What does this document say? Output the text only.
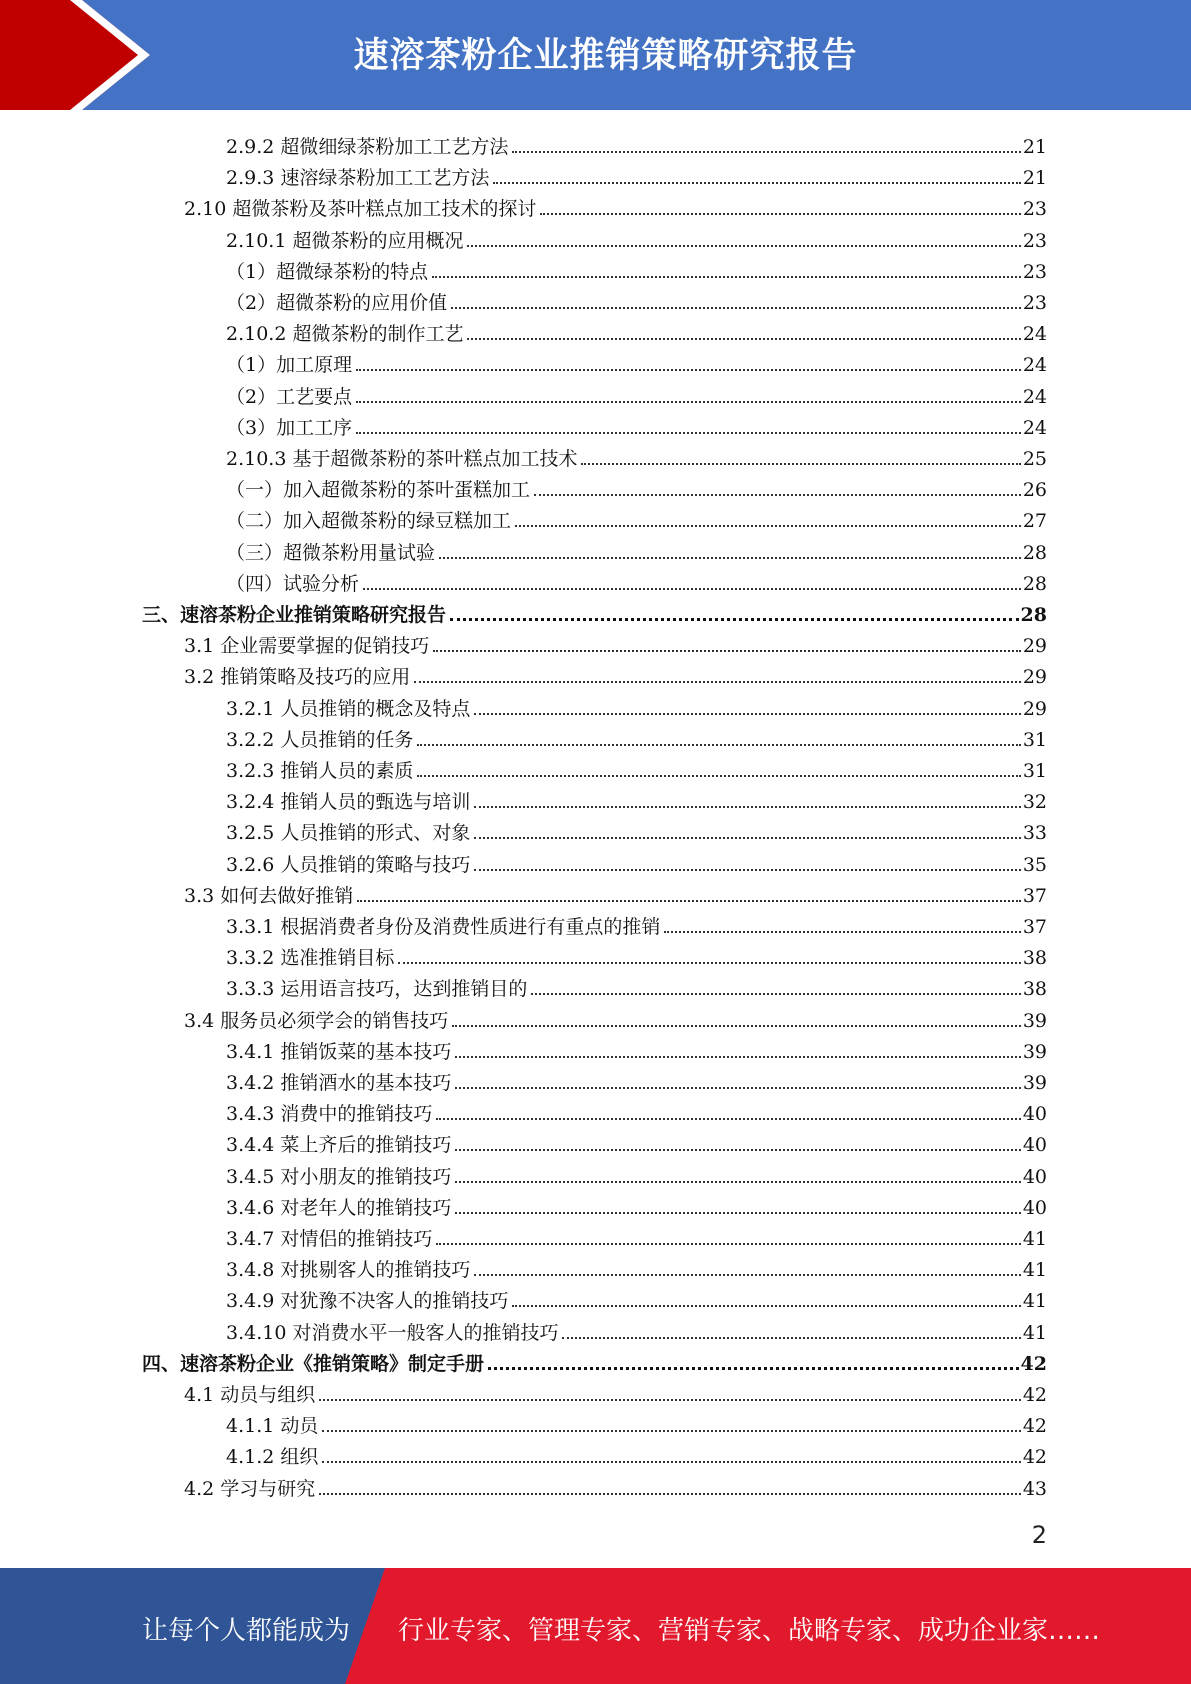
速溶茶粉企业推销策略研究报告
2.9.2 超微细绿茶粉加工工艺方法	21
2.9.3 速溶绿茶粉加工工艺方法	21
2.10 超微茶粉及茶叶糕点加工技术的探讨	23
2.10.1 超微茶粉的应用概况	23
（1）超微绿茶粉的特点	23
（2）超微茶粉的应用价值	23
2.10.2 超微茶粉的制作工艺	24
（1）加工原理	24
（2）工艺要点	24
（3）加工工序	24
2.10.3 基于超微茶粉的茶叶糕点加工技术	25
（一）加入超微茶粉的茶叶蛋糕加工	26
（二）加入超微茶粉的绿豆糕加工	27
（三）超微茶粉用量试验	28
（四）试验分析	28
三、速溶茶粉企业推销策略研究报告	28
3.1 企业需要掌握的促销技巧	29
3.2 推销策略及技巧的应用	29
3.2.1 人员推销的概念及特点	29
3.2.2 人员推销的任务	31
3.2.3 推销人员的素质	31
3.2.4 推销人员的甄选与培训	32
3.2.5 人员推销的形式、对象	33
3.2.6 人员推销的策略与技巧	35
3.3 如何去做好推销	37
3.3.1 根据消费者身份及消费性质进行有重点的推销	37
3.3.2 选准推销目标	38
3.3.3 运用语言技巧，达到推销目的	38
3.4 服务员必须学会的销售技巧	39
3.4.1 推销饭菜的基本技巧	39
3.4.2 推销酒水的基本技巧	39
3.4.3 消费中的推销技巧	40
3.4.4 菜上齐后的推销技巧	40
3.4.5 对小朋友的推销技巧	40
3.4.6 对老年人的推销技巧	40
3.4.7 对情侣的推销技巧	41
3.4.8 对挑剔客人的推销技巧	41
3.4.9 对犹豫不决客人的推销技巧	41
3.4.10 对消费水平一般客人的推销技巧	41
四、速溶茶粉企业《推销策略》制定手册	42
4.1 动员与组织	42
4.1.1 动员	42
4.1.2 组织	42
4.2 学习与研究	43
2
让每个人都能成为 行业专家、管理专家、营销专家、战略专家、成功企业家……
